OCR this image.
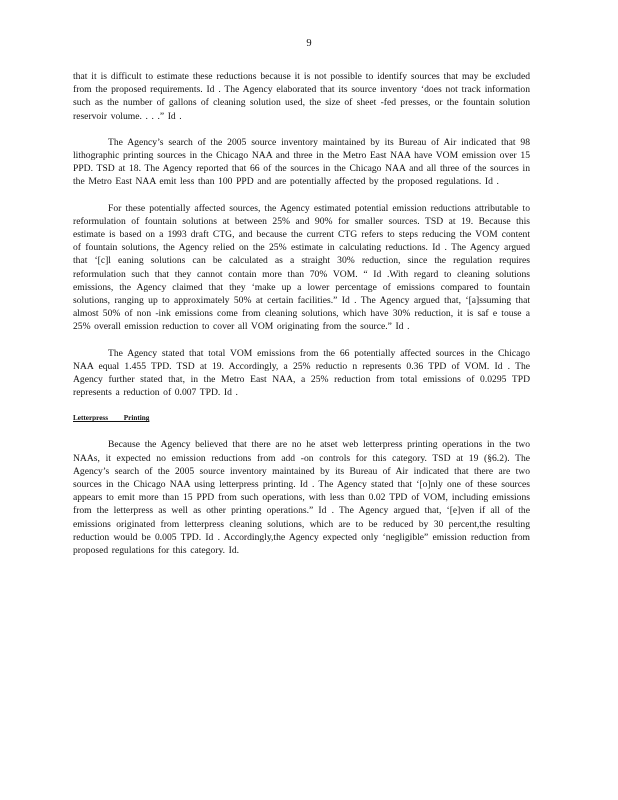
9

that it is difficult to estimate these reductions because it is not possible to identify sources that may be excluded from the proposed requirements. Id . The Agency elaborated that its source inventory ‘does not track information such as the number of gallons of cleaning solution used, the size of sheet -fed presses, or the fountain solution reservoir volume. . . .” Id .

The Agency’s search of the 2005 source inventory maintained by its Bureau of Air indicated that 98 lithographic printing sources in the Chicago NAA and three in the Metro East NAA have VOM emission over 15 PPD. TSD at 18. The Agency reported that 66 of the sources in the Chicago NAA and all three of the sources in the Metro East NAA emit less than 100 PPD and are potentially affected by the proposed regulations. Id .

For these potentially affected sources, the Agency estimated potential emission reductions attributable to reformulation of fountain solutions at between 25% and 90% for smaller sources. TSD at 19. Because this estimate is based on a 1993 draft CTG, and because the current CTG refers to steps reducing the VOM content of fountain solutions, the Agency relied on the 25% estimate in calculating reductions. Id . The Agency argued that ‘[c]l eaning solutions can be calculated as a straight 30% reduction, since the regulation requires reformulation such that they cannot contain more than 70% VOM. “ Id .With regard to cleaning solutions emissions, the Agency claimed that they ‘make up a lower percentage of emissions compared to fountain solutions, ranging up to approximately 50% at certain facilities.” Id . The Agency argued that, ‘[a]ssuming that almost 50% of non -ink emissions come from cleaning solutions, which have 30% reduction, it is saf e touse a 25% overall emission reduction to cover all VOM originating from the source.” Id .

The Agency stated that total VOM emissions from the 66 potentially affected sources in the Chicago NAA equal 1.455 TPD. TSD at 19. Accordingly, a 25% reductio n represents 0.36 TPD of VOM. Id . The Agency further stated that, in the Metro East NAA, a 25% reduction from total emissions of 0.0295 TPD represents a reduction of 0.007 TPD. Id .

Letterpress Printing

Because the Agency believed that there are no he atset web letterpress printing operations in the two NAAs, it expected no emission reductions from add -on controls for this category. TSD at 19 (§6.2). The Agency’s search of the 2005 source inventory maintained by its Bureau of Air indicated that there are two sources in the Chicago NAA using letterpress printing. Id . The Agency stated that ‘[o]nly one of these sources appears to emit more than 15 PPD from such operations, with less than 0.02 TPD of VOM, including emissions from the letterpress as well as other printing operations.” Id . The Agency argued that, ‘[e]ven if all of the emissions originated from letterpress cleaning solutions, which are to be reduced by 30 percent,the resulting reduction would be 0.005 TPD. Id . Accordingly,the Agency expected only ‘negligible” emission reduction from proposed regulations for this category. Id.
